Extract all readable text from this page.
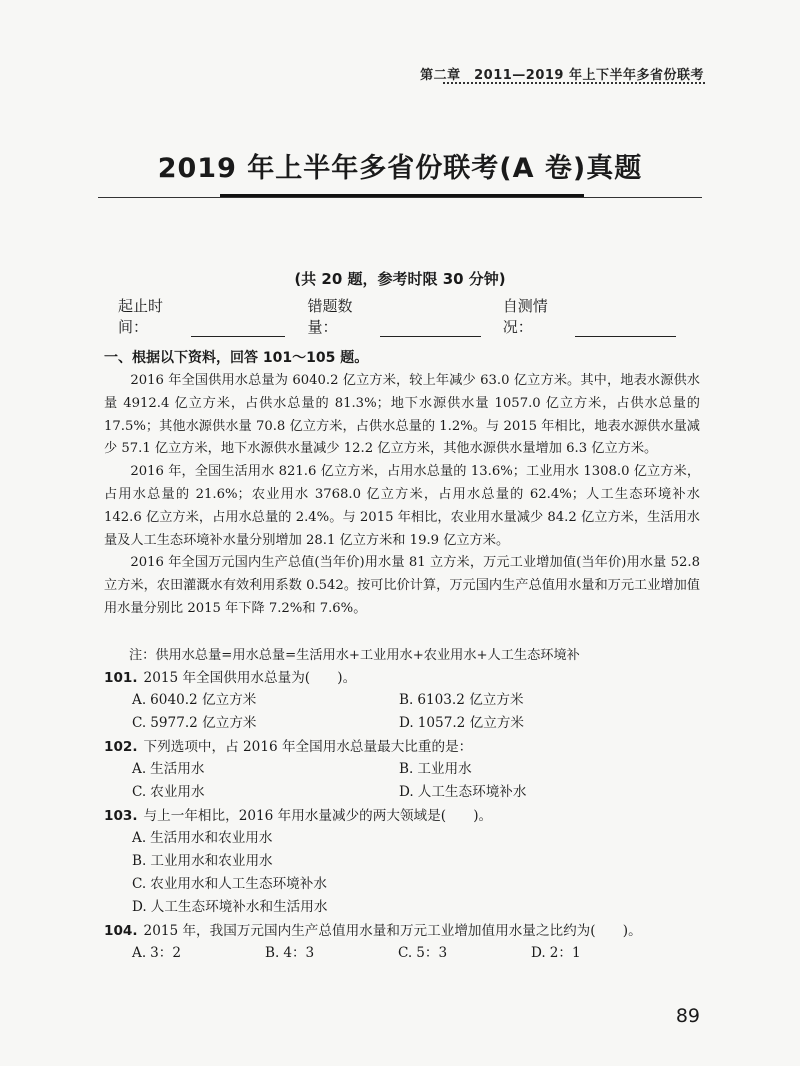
第二章　2011—2019 年上下半年多省份联考
2019 年上半年多省份联考(A 卷)真题
(共 20 题，参考时限 30 分钟)
起止时间：
错题数量：
自测情况：
一、根据以下资料，回答 101～105 题。

2016 年全国供用水总量为 6040.2 亿立方米，较上年减少 63.0 亿立方米。其中，地表水源供水量 4912.4 亿立方米，占供水总量的 81.3%；地下水源供水量 1057.0 亿立方米，占供水总量的 17.5%；其他水源供水量 70.8 亿立方米，占供水总量的 1.2%。与 2015 年相比，地表水源供水量减少 57.1 亿立方米，地下水源供水量减少 12.2 亿立方米，其他水源供水量增加 6.3 亿立方米。

2016 年，全国生活用水 821.6 亿立方米，占用水总量的 13.6%；工业用水 1308.0 亿立方米，占用水总量的 21.6%；农业用水 3768.0 亿立方米，占用水总量的 62.4%；人工生态环境补水 142.6 亿立方米，占用水总量的 2.4%。与 2015 年相比，农业用水量减少 84.2 亿立方米，生活用水量及人工生态环境补水量分别增加 28.1 亿立方米和 19.9 亿立方米。

2016 年全国万元国内生产总值(当年价)用水量 81 立方米，万元工业增加值(当年价)用水量 52.8 立方米，农田灌溉水有效利用系数 0.542。按可比价计算，万元国内生产总值用水量和万元工业增加值用水量分别比 2015 年下降 7.2%和 7.6%。

注：供用水总量=用水总量=生活用水+工业用水+农业用水+人工生态环境补
101. 2015 年全国供用水总量为(　　)。
A. 6040.2 亿立方米	B. 6103.2 亿立方米
C. 5977.2 亿立方米	D. 1057.2 亿立方米
102. 下列选项中，占 2016 年全国用水总量最大比重的是：
A. 生活用水	B. 工业用水
C. 农业用水	D. 人工生态环境补水
103. 与上一年相比，2016 年用水量减少的两大领域是(　　)。
A. 生活用水和农业用水
B. 工业用水和农业用水
C. 农业用水和人工生态环境补水
D. 人工生态环境补水和生活用水
104. 2015 年，我国万元国内生产总值用水量和万元工业增加值用水量之比约为(　　)。
A. 3：2	B. 4：3	C. 5：3	D. 2：1
89
